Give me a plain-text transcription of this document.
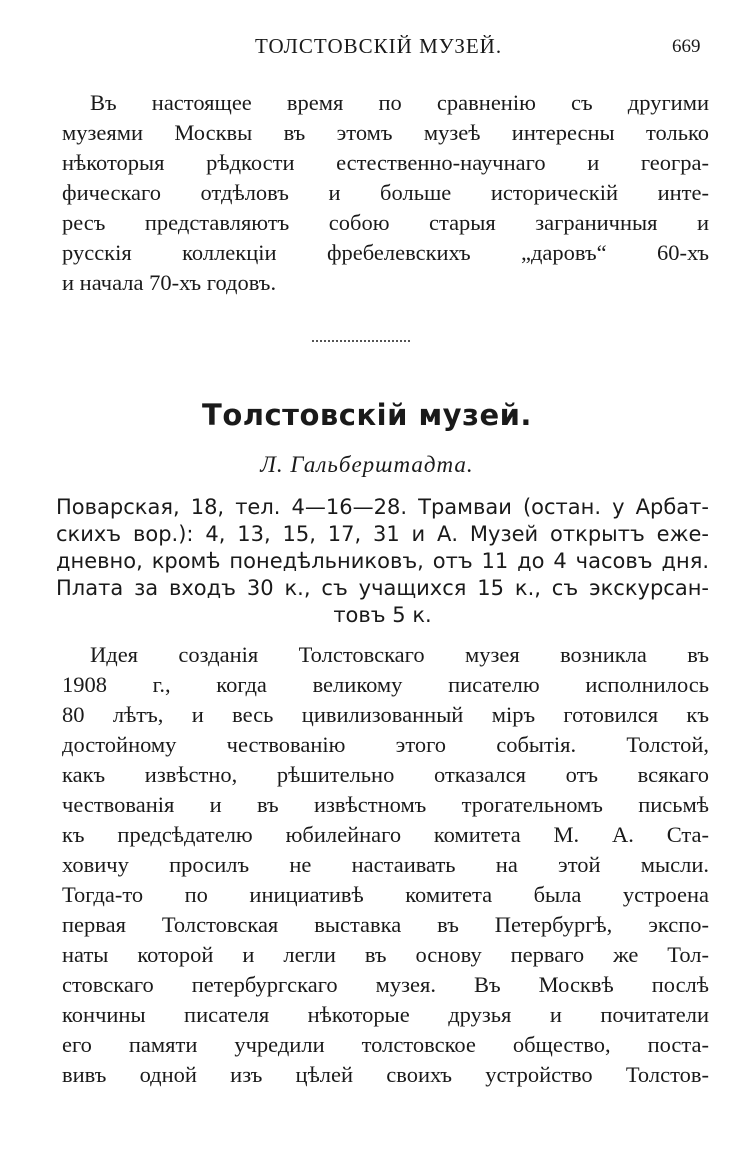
ТОЛСТОВСКIЙ МУЗЕЙ.	669
Въ настоящее время по сравненію съ другими
музеями Москвы въ этомъ музеѣ интересны только
нѣкоторыя рѣдкости естественно-научнаго и геогра-
фическаго отдѣловъ и больше историческій инте-
ресъ представляютъ собою старыя заграничныя и
русскія коллекціи фребелевскихъ „даровъ“ 60-хъ
и начала 70-хъ годовъ.
Толстовскій музей.
Л. Гальберштадта.
Поварская, 18, тел. 4—16—28. Трамваи (остан. у Арбат-
скихъ вор.): 4, 13, 15, 17, 31 и А. Музей открытъ еже-
дневно, кромѣ понедѣльниковъ, отъ 11 до 4 часовъ дня.
Плата за входъ 30 к., съ учащихся 15 к., съ экскурсан-
товъ 5 к.
Идея созданія Толстовскаго музея возникла въ
1908 г., когда великому писателю исполнилось
80 лѣтъ, и весь цивилизованный міръ готовился къ
достойному чествованію этого событія. Толстой,
какъ извѣстно, рѣшительно отказался отъ всякаго
чествованія и въ извѣстномъ трогательномъ письмѣ
къ предсѣдателю юбилейнаго комитета М. А. Ста-
ховичу просилъ не настаивать на этой мысли.
Тогда-то по инициативѣ комитета была устроена
первая Толстовская выставка въ Петербургѣ, экспо-
наты которой и легли въ основу перваго же Тол-
стовскаго петербургскаго музея. Въ Москвѣ послѣ
кончины писателя нѣкоторые друзья и почитатели
его памяти учредили толстовское общество, поста-
вивъ одной изъ цѣлей своихъ устройство Толстов-
